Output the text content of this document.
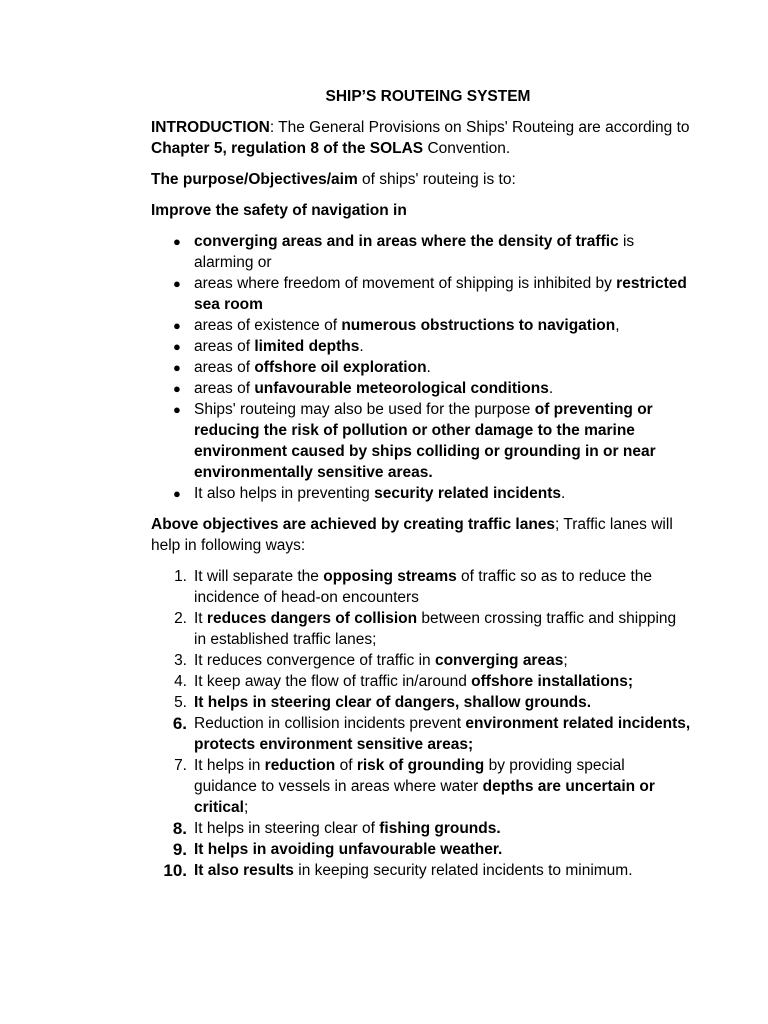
SHIP’S ROUTEING SYSTEM

INTRODUCTION: The General Provisions on Ships' Routeing are according to Chapter 5, regulation 8 of the SOLAS Convention.

The purpose/Objectives/aim of ships' routeing is to:

Improve the safety of navigation in

● converging areas and in areas where the density of traffic is alarming or
● areas where freedom of movement of shipping is inhibited by restricted sea room
● areas of existence of numerous obstructions to navigation,
● areas of limited depths.
● areas of offshore oil exploration.
● areas of unfavourable meteorological conditions.
● Ships' routeing may also be used for the purpose of preventing or reducing the risk of pollution or other damage to the marine environment caused by ships colliding or grounding in or near environmentally sensitive areas.
● It also helps in preventing security related incidents.

Above objectives are achieved by creating traffic lanes; Traffic lanes will help in following ways:

1. It will separate the opposing streams of traffic so as to reduce the incidence of head-on encounters
2. It reduces dangers of collision between crossing traffic and shipping in established traffic lanes;
3. It reduces convergence of traffic in converging areas;
4. It keep away the flow of traffic in/around offshore installations;
5. It helps in steering clear of dangers, shallow grounds.
6. Reduction in collision incidents prevent environment related incidents, protects environment sensitive areas;
7. It helps in reduction of risk of grounding by providing special guidance to vessels in areas where water depths are uncertain or critical;
8. It helps in steering clear of fishing grounds.
9. It helps in avoiding unfavourable weather.
10. It also results in keeping security related incidents to minimum.
